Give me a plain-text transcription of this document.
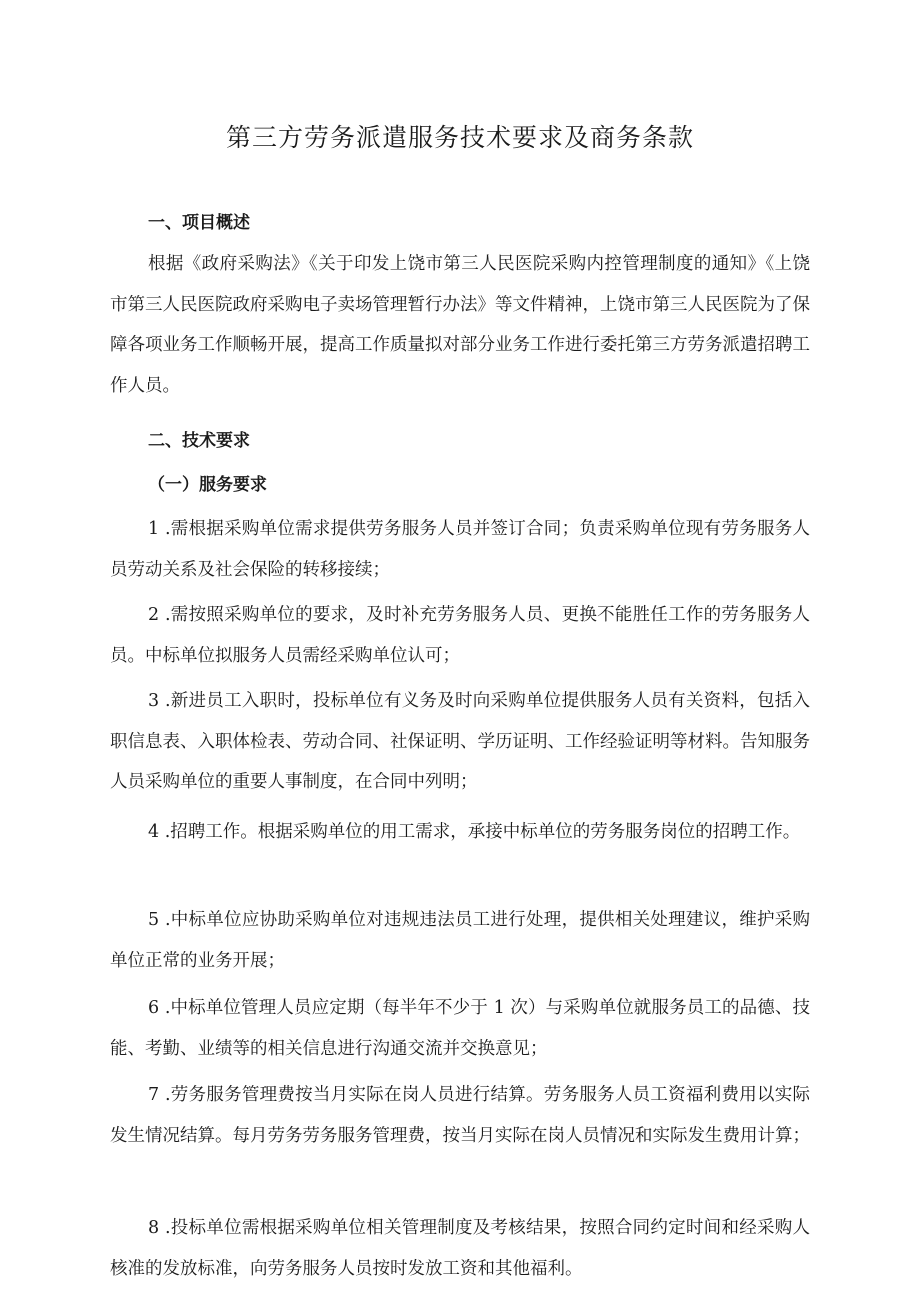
第三方劳务派遣服务技术要求及商务条款
一、项目概述

根据《政府采购法》《关于印发上饶市第三人民医院采购内控管理制度的通知》《上饶市第三人民医院政府采购电子卖场管理暂行办法》等文件精神，上饶市第三人民医院为了保障各项业务工作顺畅开展，提高工作质量拟对部分业务工作进行委托第三方劳务派遣招聘工作人员。

二、技术要求
（一）服务要求

1 .需根据采购单位需求提供劳务服务人员并签订合同；负责采购单位现有劳务服务人员劳动关系及社会保险的转移接续；

2 .需按照采购单位的要求，及时补充劳务服务人员、更换不能胜任工作的劳务服务人员。中标单位拟服务人员需经采购单位认可；

3 .新进员工入职时，投标单位有义务及时向采购单位提供服务人员有关资料，包括入职信息表、入职体检表、劳动合同、社保证明、学历证明、工作经验证明等材料。告知服务人员采购单位的重要人事制度，在合同中列明；

4 .招聘工作。根据采购单位的用工需求，承接中标单位的劳务服务岗位的招聘工作。

5 .中标单位应协助采购单位对违规违法员工进行处理，提供相关处理建议，维护采购单位正常的业务开展；

6 .中标单位管理人员应定期（每半年不少于 1 次）与采购单位就服务员工的品德、技能、考勤、业绩等的相关信息进行沟通交流并交换意见；

7 .劳务服务管理费按当月实际在岗人员进行结算。劳务服务人员工资福利费用以实际发生情况结算。每月劳务劳务服务管理费，按当月实际在岗人员情况和实际发生费用计算；

8 .投标单位需根据采购单位相关管理制度及考核结果，按照合同约定时间和经采购人核准的发放标准，向劳务服务人员按时发放工资和其他福利。
